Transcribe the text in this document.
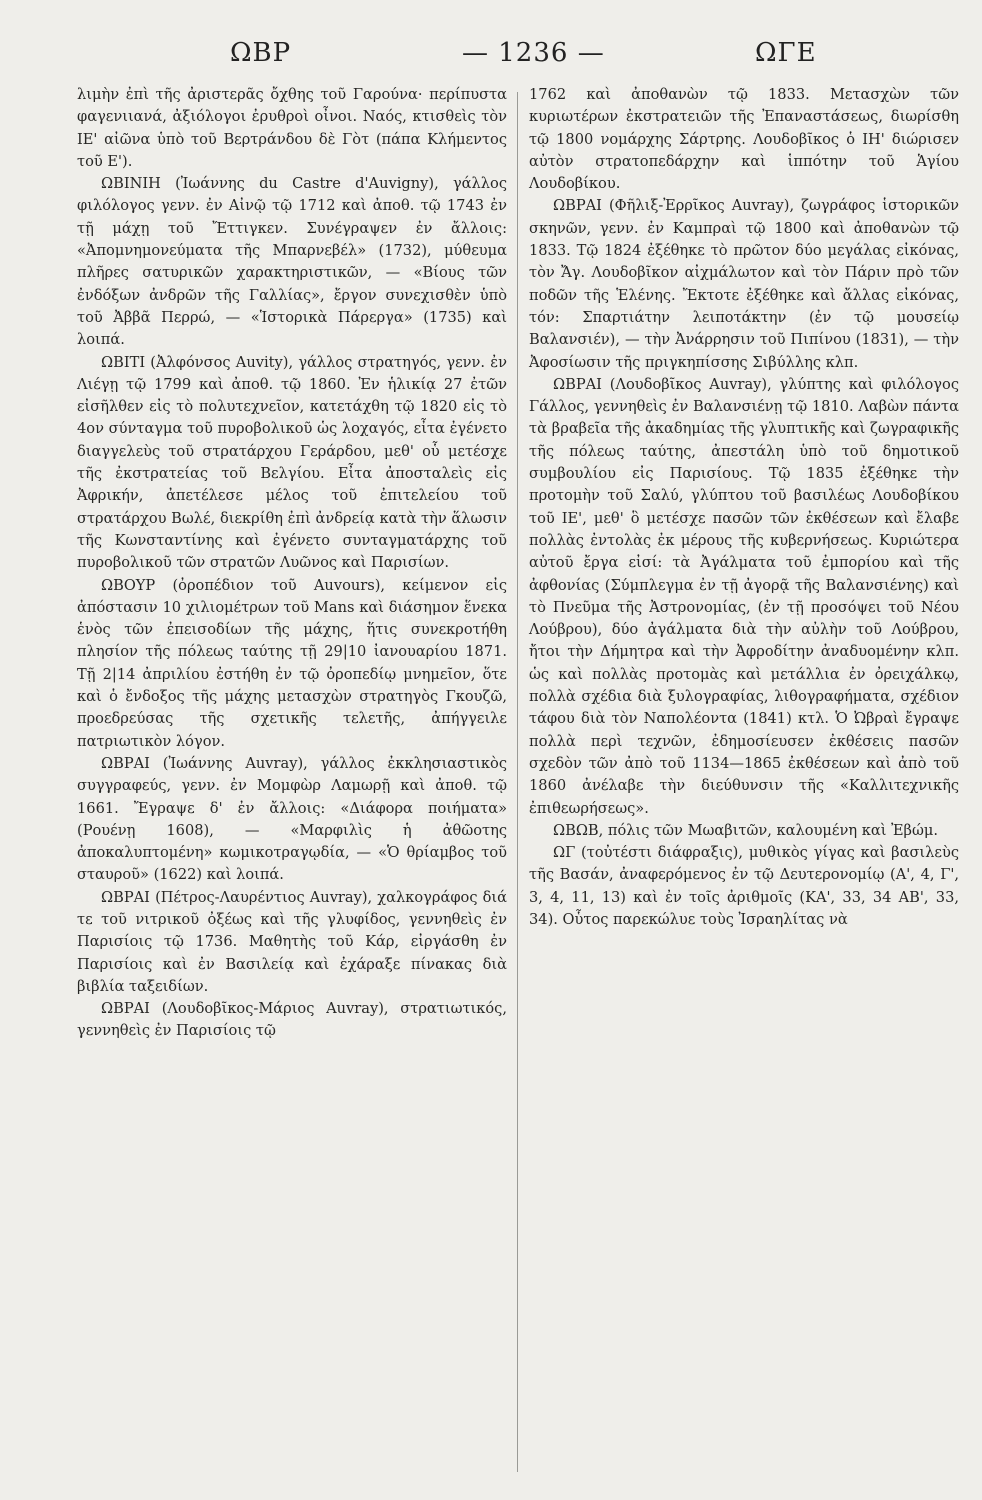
ΩΒΡ	— 1236 —	ΩΓΕ

λιμὴν ἐπὶ τῆς ἀριστερᾶς ὄχθης τοῦ Γαρούνα· περίπυστα φαγενιιανά, ἀξιόλογοι ἐρυθροὶ οἶνοι. Ναός, κτισθεὶς τὸν ΙΕ' αἰῶνα ὑπὸ τοῦ Βερτράνδου δὲ Γὸτ (πάπα Κλήμεντος τοῦ Ε').

ΩΒΙΝΙΗ (Ἰωάννης du Castre d'Auvigny), γάλλος φιλόλογος γενν. ἐν Αἰνῷ τῷ 1712 καὶ ἀποθ. τῷ 1743 ἐν τῇ μάχῃ τοῦ Ἔττιγκεν. Συνέγραψεν ἐν ἄλλοις: «Ἀπομνημονεύματα τῆς Μπαρνεβέλ» (1732), μύθευμα πλῆρες σατυρικῶν χαρακτηριστικῶν, — «Βίους τῶν ἐνδόξων ἀνδρῶν τῆς Γαλλίας», ἔργον συνεχισθὲν ὑπὸ τοῦ Ἀββᾶ Περρώ, — «Ἱστορικὰ Πάρεργα» (1735) καὶ λοιπά.

ΩΒΙΤΙ (Ἀλφόνσος Auvity), γάλλος στρατηγός, γενν. ἐν Λιέγῃ τῷ 1799 καὶ ἀποθ. τῷ 1860. Ἐν ἡλικίᾳ 27 ἐτῶν εἰσῆλθεν εἰς τὸ πολυτεχνεῖον, κατετάχθη τῷ 1820 εἰς τὸ 4ον σύνταγμα τοῦ πυροβολικοῦ ὡς λοχαγός, εἶτα ἐγένετο διαγγελεὺς τοῦ στρατάρχου Γεράρδου, μεθ' οὗ μετέσχε τῆς ἐκστρατείας τοῦ Βελγίου. Εἶτα ἀποσταλεὶς εἰς Ἀφρικήν, ἀπετέλεσε μέλος τοῦ ἐπιτελείου τοῦ στρατάρχου Βωλέ, διεκρίθη ἐπὶ ἀνδρείᾳ κατὰ τὴν ἅλωσιν τῆς Κωνσταντίνης καὶ ἐγένετο συνταγματάρχης τοῦ πυροβολικοῦ τῶν στρατῶν Λυῶνος καὶ Παρισίων.

ΩΒΟΥΡ (ὀροπέδιον τοῦ Auvours), κείμενον εἰς ἀπόστασιν 10 χιλιομέτρων τοῦ Mans καὶ διάσημον ἕνεκα ἑνὸς τῶν ἐπεισοδίων τῆς μάχης, ἥτις συνεκροτήθη πλησίον τῆς πόλεως ταύτης τῇ 29|10 ἰανουαρίου 1871. Τῇ 2|14 ἀπριλίου ἐστήθη ἐν τῷ ὀροπεδίῳ μνημεῖον, ὅτε καὶ ὁ ἔνδοξος τῆς μάχης μετασχὼν στρατηγὸς Γκουζῶ, προεδρεύσας τῆς σχετικῆς τελετῆς, ἀπήγγειλε πατριωτικὸν λόγον.

ΩΒΡΑΙ (Ἰωάννης Auvray), γάλλος ἐκκλησιαστικὸς συγγραφεύς, γενν. ἐν Μομφὼρ Λαμωρῇ καὶ ἀποθ. τῷ 1661. Ἔγραψε δ' ἐν ἄλλοις: «Διάφορα ποιήματα» (Ρουένῃ 1608), — «Μαρφιλὶς ἡ ἀθῶοτης ἀποκαλυπτομένη» κωμικοτραγῳδία, — «Ὁ θρίαμβος τοῦ σταυροῦ» (1622) καὶ λοιπά.

ΩΒΡΑΙ (Πέτρος-Λαυρέντιος Auvray), χαλκογράφος διά τε τοῦ νιτρικοῦ ὀξέως καὶ τῆς γλυφίδος, γεννηθεὶς ἐν Παρισίοις τῷ 1736. Μαθητὴς τοῦ Κάρ, εἰργάσθη ἐν Παρισίοις καὶ ἐν Βασιλείᾳ καὶ ἐχάραξε πίνακας διὰ βιβλία ταξειδίων.

ΩΒΡΑΙ (Λουδοβῖκος-Μάριος Auvray), στρατιωτικός, γεννηθεὶς ἐν Παρισίοις τῷ

1762 καὶ ἀποθανὼν τῷ 1833. Μετασχὼν τῶν κυριωτέρων ἐκστρατειῶν τῆς Ἐπαναστάσεως, διωρίσθη τῷ 1800 νομάρχης Σάρτρης. Λουδοβῖκος ὁ ΙΗ' διώρισεν αὐτὸν στρατοπεδάρχην καὶ ἱππότην τοῦ Ἁγίου Λουδοβίκου.

ΩΒΡΑΙ (Φῆλιξ-Ἐρρῖκος Auvray), ζωγράφος ἱστορικῶν σκηνῶν, γενν. ἐν Καμπραὶ τῷ 1800 καὶ ἀποθανὼν τῷ 1833. Τῷ 1824 ἐξέθηκε τὸ πρῶτον δύο μεγάλας εἰκόνας, τὸν Ἄγ. Λουδοβῖκον αἰχμάλωτον καὶ τὸν Πάριν πρὸ τῶν ποδῶν τῆς Ἑλένης. Ἔκτοτε ἐξέθηκε καὶ ἄλλας εἰκόνας, τόν: Σπαρτιάτην λειποτάκτην (ἐν τῷ μουσείῳ Βαλανσιέν), — τὴν Ἀνάρρησιν τοῦ Πιπίνου (1831), — τὴν Ἀφοσίωσιν τῆς πριγκηπίσσης Σιβύλλης κλπ.

ΩΒΡΑΙ (Λουδοβῖκος Auvray), γλύπτης καὶ φιλόλογος Γάλλος, γεννηθεὶς ἐν Βαλανσιένῃ τῷ 1810. Λαβὼν πάντα τὰ βραβεῖα τῆς ἀκαδημίας τῆς γλυπτικῆς καὶ ζωγραφικῆς τῆς πόλεως ταύτης, ἀπεστάλη ὑπὸ τοῦ δημοτικοῦ συμβουλίου εἰς Παρισίους. Τῷ 1835 ἐξέθηκε τὴν προτομὴν τοῦ Σαλύ, γλύπτου τοῦ βασιλέως Λουδοβίκου τοῦ ΙΕ', μεθ' ὃ μετέσχε πασῶν τῶν ἐκθέσεων καὶ ἔλαβε πολλὰς ἐντολὰς ἐκ μέρους τῆς κυβερνήσεως. Κυριώτερα αὐτοῦ ἔργα εἰσί: τὰ Ἀγάλματα τοῦ ἐμπορίου καὶ τῆς ἀφθονίας (Σύμπλεγμα ἐν τῇ ἀγορᾷ τῆς Βαλανσιένης) καὶ τὸ Πνεῦμα τῆς Ἀστρονομίας, (ἐν τῇ προσόψει τοῦ Νέου Λούβρου), δύο ἀγάλματα διὰ τὴν αὐλὴν τοῦ Λούβρου, ἤτοι τὴν Δήμητρα καὶ τὴν Ἀφροδίτην ἀναδυομένην κλπ. ὡς καὶ πολλὰς προτομὰς καὶ μετάλλια ἐν ὀρειχάλκῳ, πολλὰ σχέδια διὰ ξυλογραφίας, λιθογραφήματα, σχέδιον τάφου διὰ τὸν Ναπολέοντα (1841) κτλ. Ὁ Ὠβραὶ ἔγραψε πολλὰ περὶ τεχνῶν, ἐδημοσίευσεν ἐκθέσεις πασῶν σχεδὸν τῶν ἀπὸ τοῦ 1134—1865 ἐκθέσεων καὶ ἀπὸ τοῦ 1860 ἀνέλαβε τὴν διεύθυνσιν τῆς «Καλλιτεχνικῆς ἐπιθεωρήσεως».

ΩΒΩΒ, πόλις τῶν Μωαβιτῶν, καλουμένη καὶ Ἐβώμ.

ΩΓ (τοὐτέστι διάφραξις), μυθικὸς γίγας καὶ βασιλεὺς τῆς Βασάν, ἀναφερόμενος ἐν τῷ Δευτερονομίῳ (Α', 4, Γ', 3, 4, 11, 13) καὶ ἐν τοῖς ἀριθμοῖς (ΚΑ', 33, 34 ΑΒ', 33, 34). Οὗτος παρεκώλυε τοὺς Ἰσραηλίτας νὰ
